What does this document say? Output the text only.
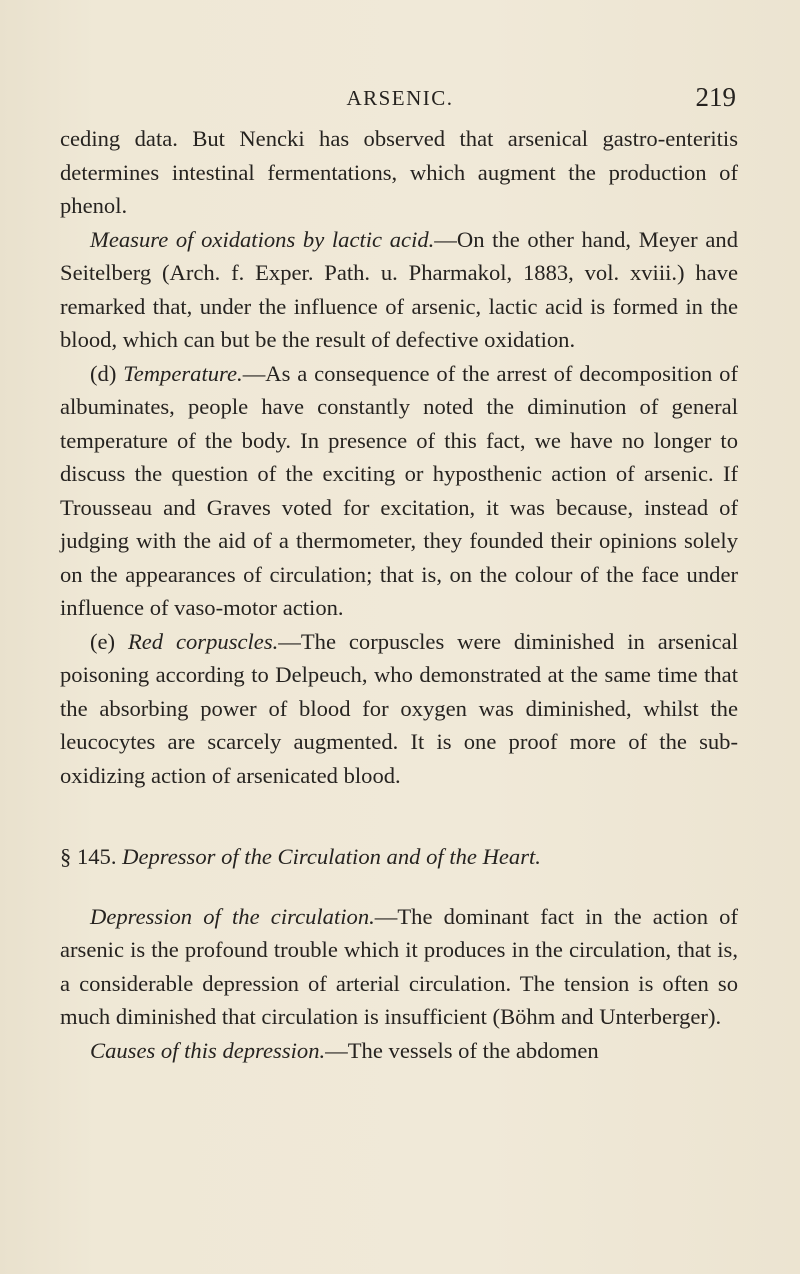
ARSENIC.	219

ceding data. But Nencki has observed that arsenical gastro-enteritis determines intestinal fermentations, which augment the production of phenol.

Measure of oxidations by lactic acid.—On the other hand, Meyer and Seitelberg (Arch. f. Exper. Path. u. Pharmakol, 1883, vol. xviii.) have remarked that, under the influence of arsenic, lactic acid is formed in the blood, which can but be the result of defective oxidation.

(d) Temperature.—As a consequence of the arrest of decomposition of albuminates, people have constantly noted the diminution of general temperature of the body. In presence of this fact, we have no longer to discuss the question of the exciting or hyposthenic action of arsenic. If Trousseau and Graves voted for excitation, it was because, instead of judging with the aid of a thermometer, they founded their opinions solely on the appearances of circulation; that is, on the colour of the face under influence of vaso-motor action.

(e) Red corpuscles.—The corpuscles were diminished in arsenical poisoning according to Delpeuch, who demonstrated at the same time that the absorbing power of blood for oxygen was diminished, whilst the leucocytes are scarcely augmented. It is one proof more of the sub-oxidizing action of arsenicated blood.

§ 145. Depressor of the Circulation and of the Heart.

Depression of the circulation.—The dominant fact in the action of arsenic is the profound trouble which it produces in the circulation, that is, a considerable depression of arterial circulation. The tension is often so much diminished that circulation is insufficient (Böhm and Unterberger).

Causes of this depression.—The vessels of the abdomen
